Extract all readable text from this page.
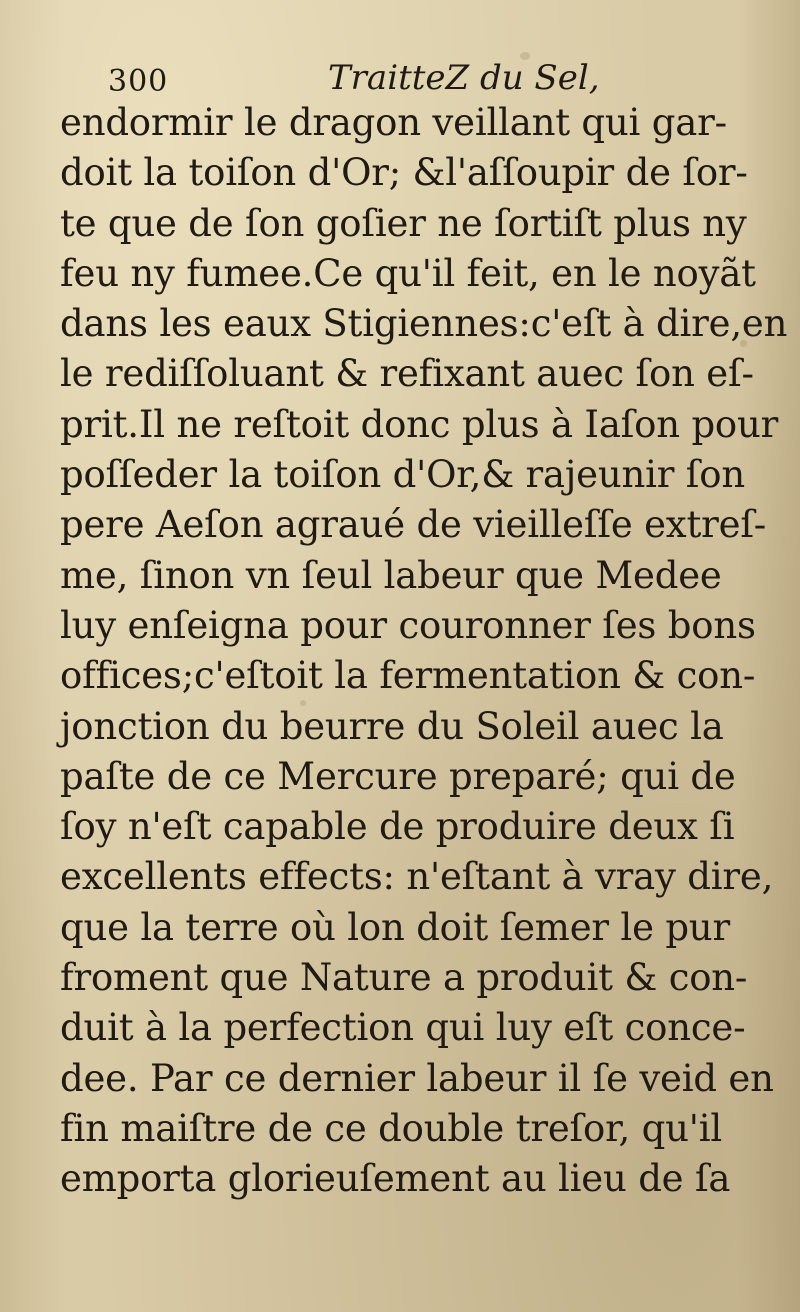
300	TraitteZ du Sel,
endormir le dragon veillant qui gar-
doit la toiſon d'Or; &l'aſſoupir de ſor-
te que de ſon goſier ne ſortiſt plus ny
feu ny fumee.Ce qu'il feit, en le noyãt
dans les eaux Stigiennes:c'eſt à dire,en
le rediſſoluant & refixant auec ſon eſ-
prit.Il ne reſtoit donc plus à Iaſon pour
poſſeder la toiſon d'Or,& rajeunir ſon
pere Aeſon agraué de vieilleſſe extreſ-
me, ſinon vn ſeul labeur que Medee
luy enſeigna pour couronner ſes bons
offices;c'eſtoit la fermentation & con-
jonction du beurre du Soleil auec la
paſte de ce Mercure preparé; qui de
ſoy n'eſt capable de produire deux ſi
excellents effects: n'eſtant à vray dire,
que la terre où lon doit ſemer le pur
froment que Nature a produit & con-
duit à la perfection qui luy eſt conce-
dee. Par ce dernier labeur il ſe veid en
fin maiſtre de ce double treſor, qu'il
emporta glorieuſement au lieu de ſa
